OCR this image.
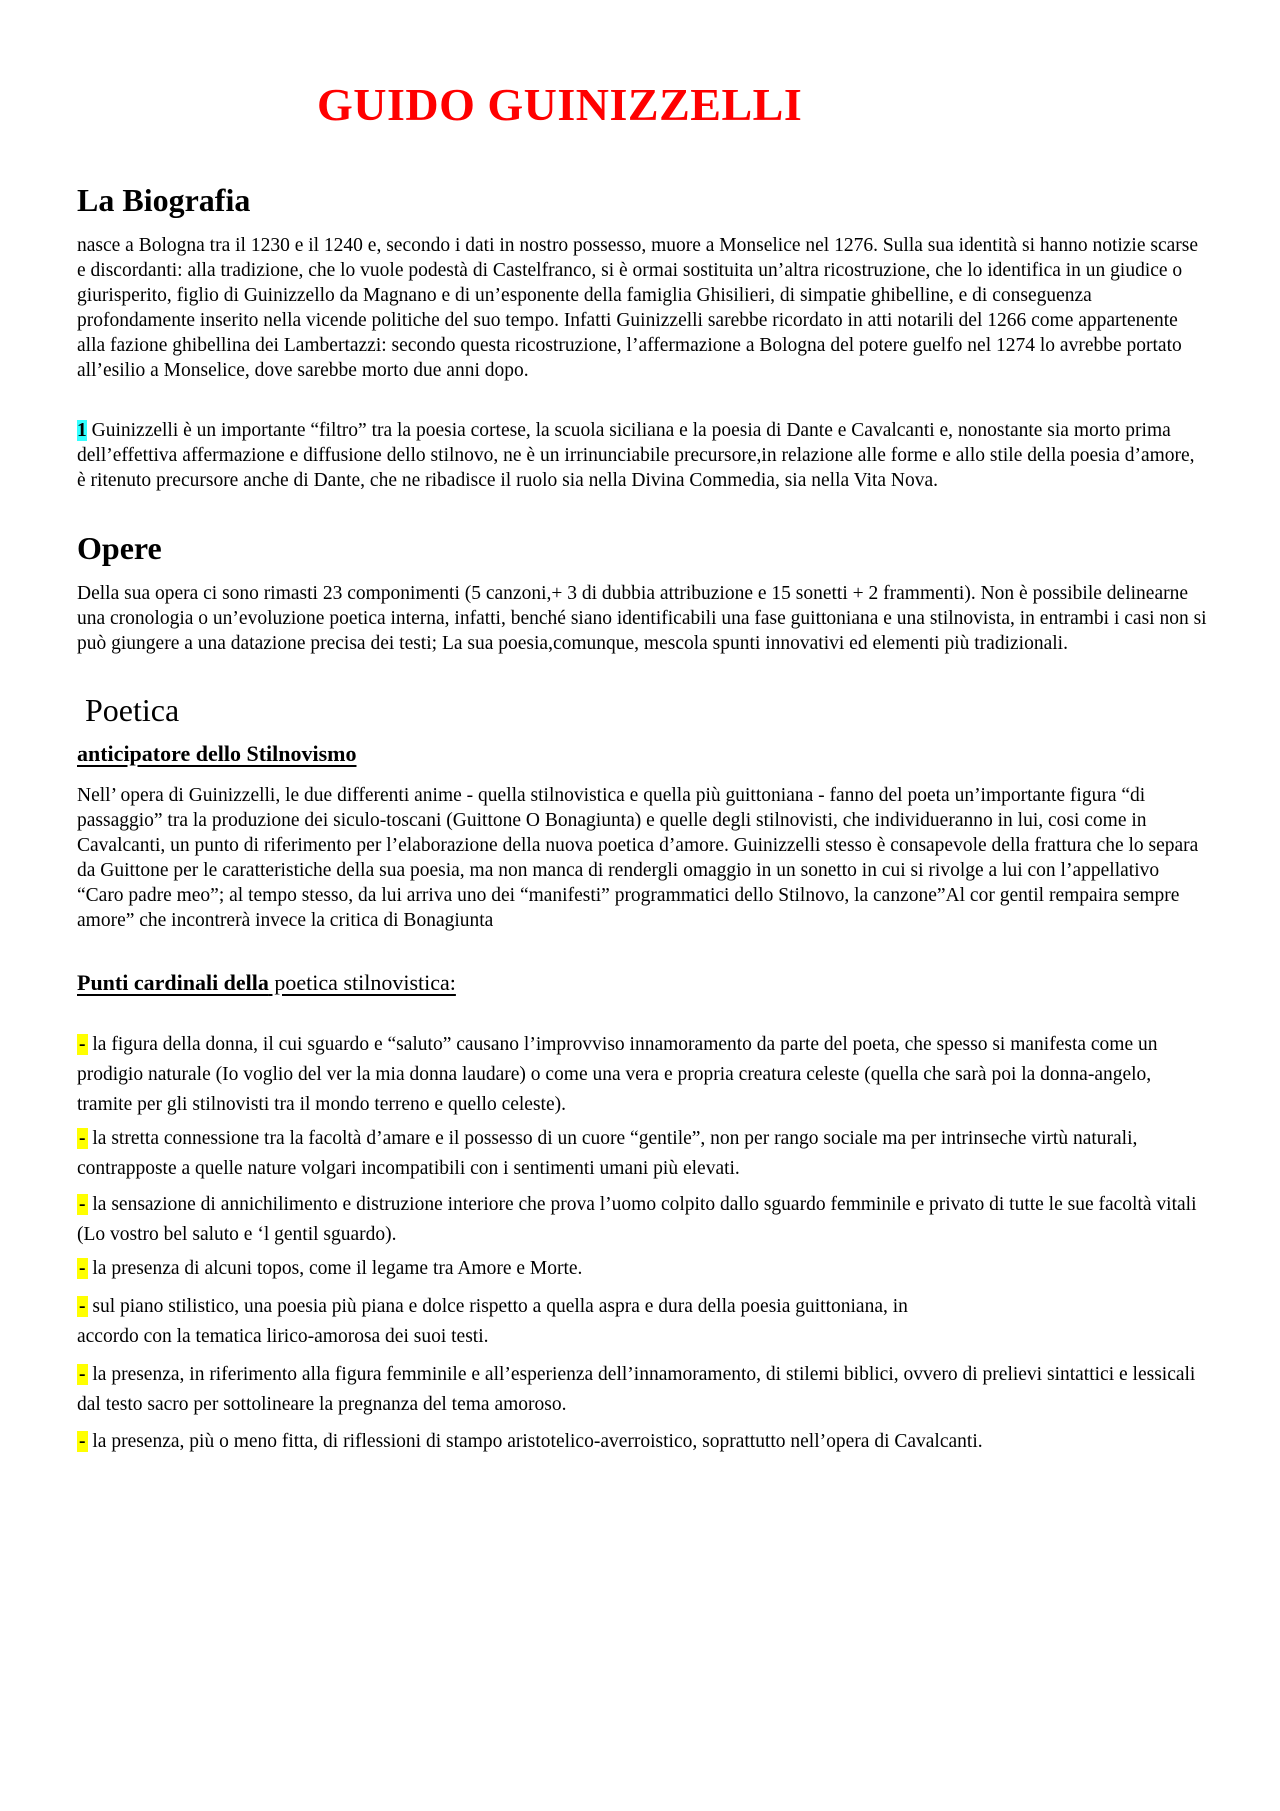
GUIDO GUINIZZELLI
La Biografia

nasce a Bologna tra il 1230 e il 1240 e, secondo i dati in nostro possesso, muore a Monselice nel 1276. Sulla sua identità si hanno notizie scarse e discordanti: alla tradizione, che lo vuole podestà di Castelfranco, si è ormai sostituita un’altra ricostruzione, che lo identifica in un giudice o giurisperito, figlio di Guinizzello da Magnano e di un’esponente della famiglia Ghisilieri, di simpatie ghibelline, e di conseguenza profondamente inserito nella vicende politiche del suo tempo. Infatti Guinizzelli sarebbe ricordato in atti notarili del 1266 come appartenente alla fazione ghibellina dei Lambertazzi: secondo questa ricostruzione, l’affermazione a Bologna del potere guelfo nel 1274 lo avrebbe portato all’esilio a Monselice, dove sarebbe morto due anni dopo.

1 Guinizzelli è un importante “filtro” tra la poesia cortese, la scuola siciliana e la poesia di Dante e Cavalcanti e, nonostante sia morto prima dell’effettiva affermazione e diffusione dello stilnovo, ne è un irrinunciabile precursore,in relazione alle forme e allo stile della poesia d’amore, è ritenuto precursore anche di Dante, che ne ribadisce il ruolo sia nella Divina Commedia, sia nella Vita Nova.

Opere

Della sua opera ci sono rimasti 23 componimenti (5 canzoni,+ 3 di dubbia attribuzione e 15 sonetti + 2 frammenti). Non è possibile delinearne una cronologia o un’evoluzione poetica interna, infatti, benché siano identificabili una fase guittoniana e una stilnovista, in entrambi i casi non si può giungere a una datazione precisa dei testi; La sua poesia,comunque, mescola spunti innovativi ed elementi più tradizionali.

Poetica

anticipatore dello Stilnovismo

Nell’ opera di Guinizzelli, le due differenti anime - quella stilnovistica e quella più guittoniana - fanno del poeta un’importante figura “di passaggio” tra la produzione dei siculo-toscani (Guittone O Bonagiunta) e quelle degli stilnovisti, che individueranno in lui, cosi come in Cavalcanti, un punto di riferimento per l’elaborazione della nuova poetica d’amore. Guinizzelli stesso è consapevole della frattura che lo separa da Guittone per le caratteristiche della sua poesia, ma non manca di rendergli omaggio in un sonetto in cui si rivolge a lui con l’appellativo “Caro padre meo”; al tempo stesso, da lui arriva uno dei “manifesti” programmatici dello Stilnovo, la canzone”Al cor gentil rempaira sempre amore” che incontrerà invece la critica di Bonagiunta

Punti cardinali della poetica stilnovistica:

- la figura della donna, il cui sguardo e “saluto” causano l’improvviso innamoramento da parte del poeta, che spesso si manifesta come un prodigio naturale (Io voglio del ver la mia donna laudare) o come una vera e propria creatura celeste (quella che sarà poi la donna-angelo, tramite per gli stilnovisti tra il mondo terreno e quello celeste).
- la stretta connessione tra la facoltà d’amare e il possesso di un cuore “gentile”, non per rango sociale ma per intrinseche virtù naturali, contrapposte a quelle nature volgari incompatibili con i sentimenti umani più elevati.
- la sensazione di annichilimento e distruzione interiore che prova l’uomo colpito dallo sguardo femminile e privato di tutte le sue facoltà vitali (Lo vostro bel saluto e ‘l gentil sguardo).
- la presenza di alcuni topos, come il legame tra Amore e Morte.
- sul piano stilistico, una poesia più piana e dolce rispetto a quella aspra e dura della poesia guittoniana, in accordo con la tematica lirico-amorosa dei suoi testi.
- la presenza, in riferimento alla figura femminile e all’esperienza dell’innamoramento, di stilemi biblici, ovvero di prelievi sintattici e lessicali dal testo sacro per sottolineare la pregnanza del tema amoroso.
- la presenza, più o meno fitta, di riflessioni di stampo aristotelico-averroistico, soprattutto nell’opera di Cavalcanti.
